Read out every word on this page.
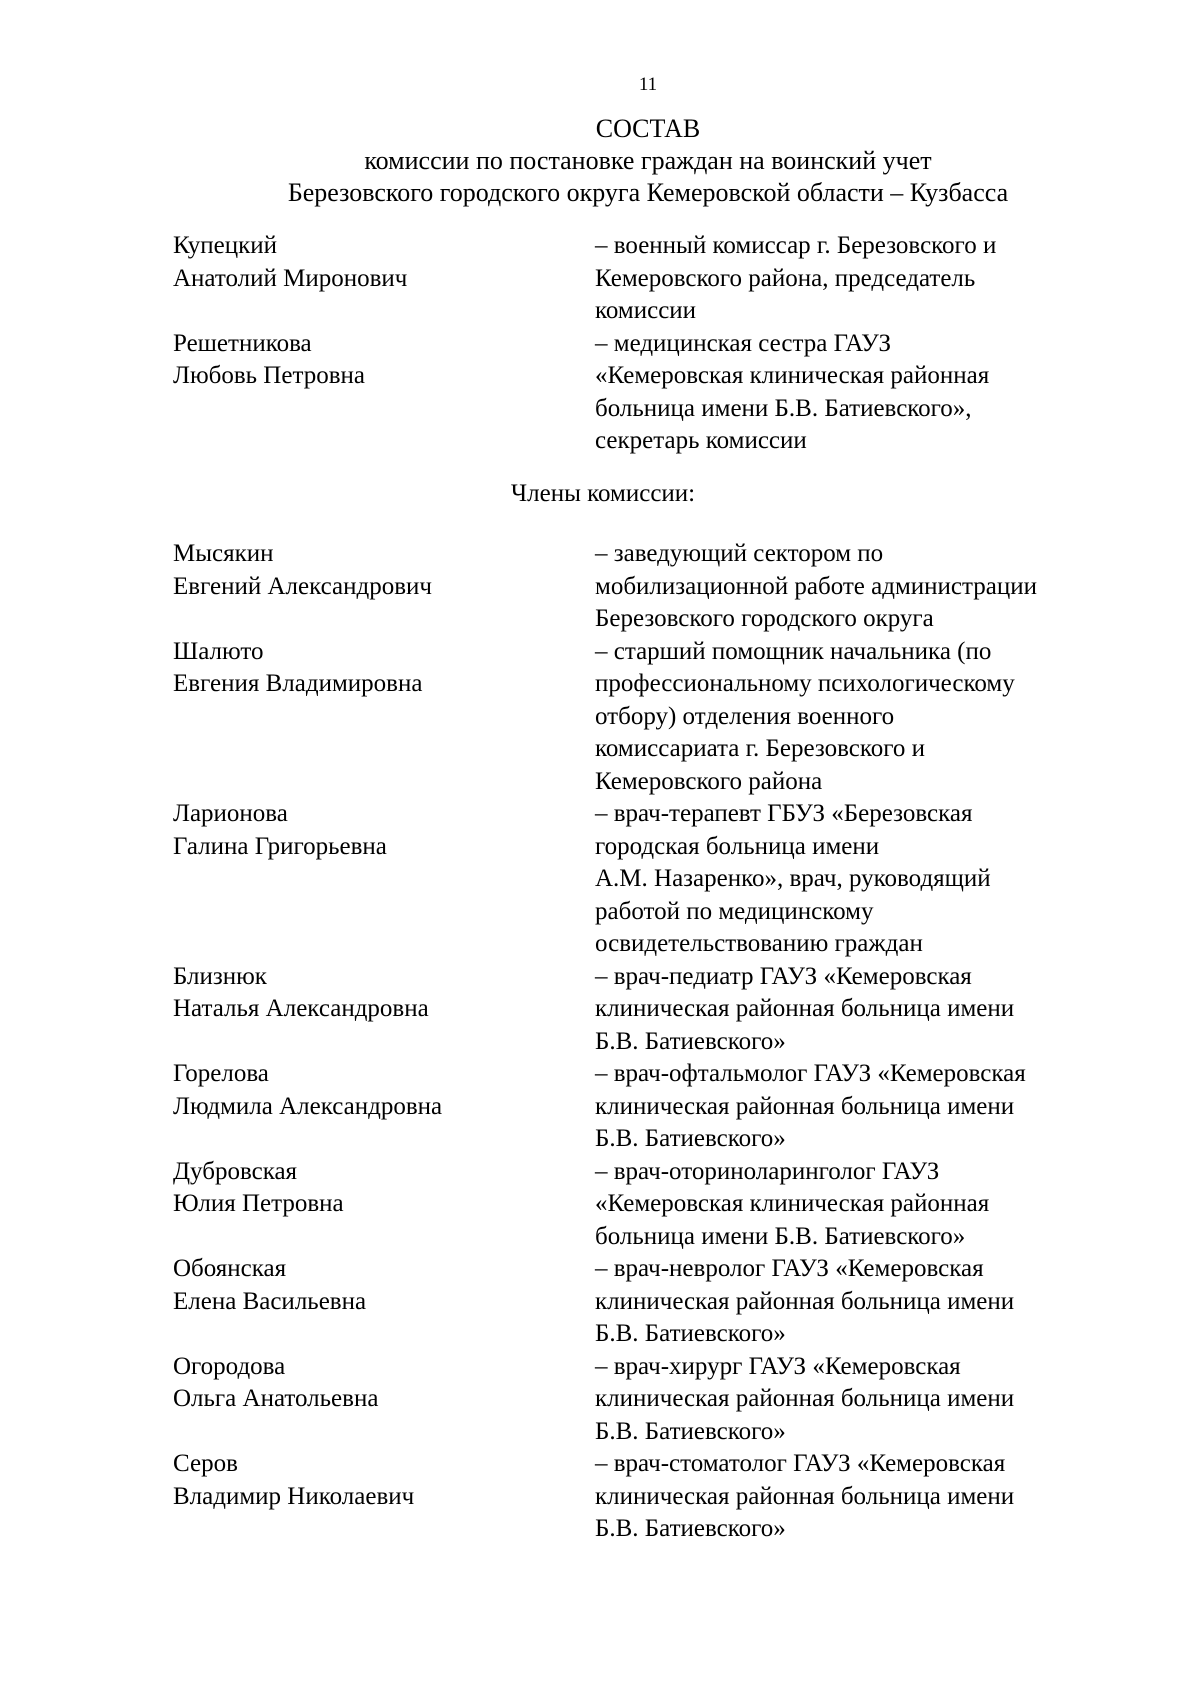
11
СОСТАВ
комиссии по постановке граждан на воинский учет
Березовского городского округа Кемеровской области – Кузбасса
Купецкий
Анатолий Миронович
– военный комиссар г. Березовского и
Кемеровского района, председатель
комиссии
Решетникова
Любовь Петровна
– медицинская сестра ГАУЗ
«Кемеровская клиническая районная
больница имени Б.В. Батиевского»,
секретарь комиссии
Члены комиссии:
Мысякин
Евгений Александрович
– заведующий сектором по
мобилизационной работе администрации
Березовского городского округа
Шалюто
Евгения Владимировна
– старший помощник начальника (по
профессиональному психологическому
отбору) отделения военного
комиссариата г. Березовского и
Кемеровского района
Ларионова
Галина Григорьевна
– врач-терапевт ГБУЗ «Березовская
городская больница имени
А.М. Назаренко», врач, руководящий
работой по медицинскому
освидетельствованию граждан
Близнюк
Наталья Александровна
– врач-педиатр ГАУЗ «Кемеровская
клиническая районная больница имени
Б.В. Батиевского»
Горелова
Людмила Александровна
– врач-офтальмолог ГАУЗ «Кемеровская
клиническая районная больница имени
Б.В. Батиевского»
Дубровская
Юлия Петровна
– врач-оториноларинголог ГАУЗ
«Кемеровская клиническая районная
больница имени Б.В. Батиевского»
Обоянская
Елена Васильевна
– врач-невролог ГАУЗ «Кемеровская
клиническая районная больница имени
Б.В. Батиевского»
Огородова
Ольга Анатольевна
– врач-хирург ГАУЗ «Кемеровская
клиническая районная больница имени
Б.В. Батиевского»
Серов
Владимир Николаевич
– врач-стоматолог ГАУЗ «Кемеровская
клиническая районная больница имени
Б.В. Батиевского»
